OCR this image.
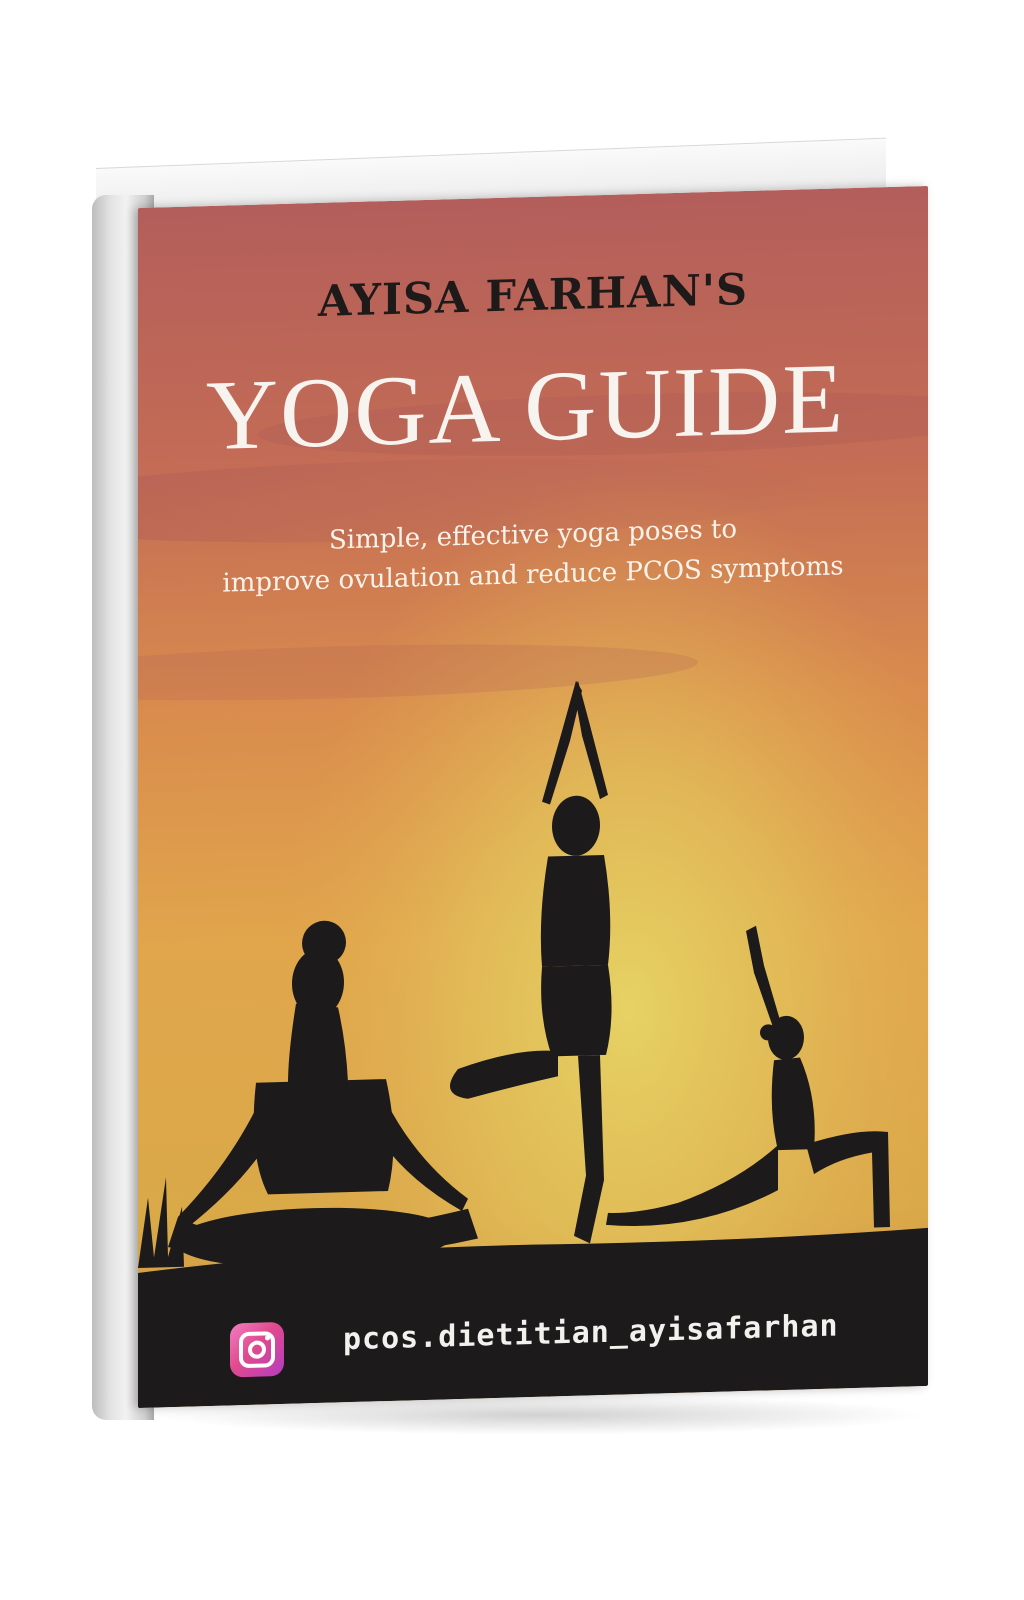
AYISA FARHAN'S
YOGA GUIDE
Simple, effective yoga poses to
improve ovulation and reduce PCOS symptoms
pcos.dietitian_ayisafarhan
